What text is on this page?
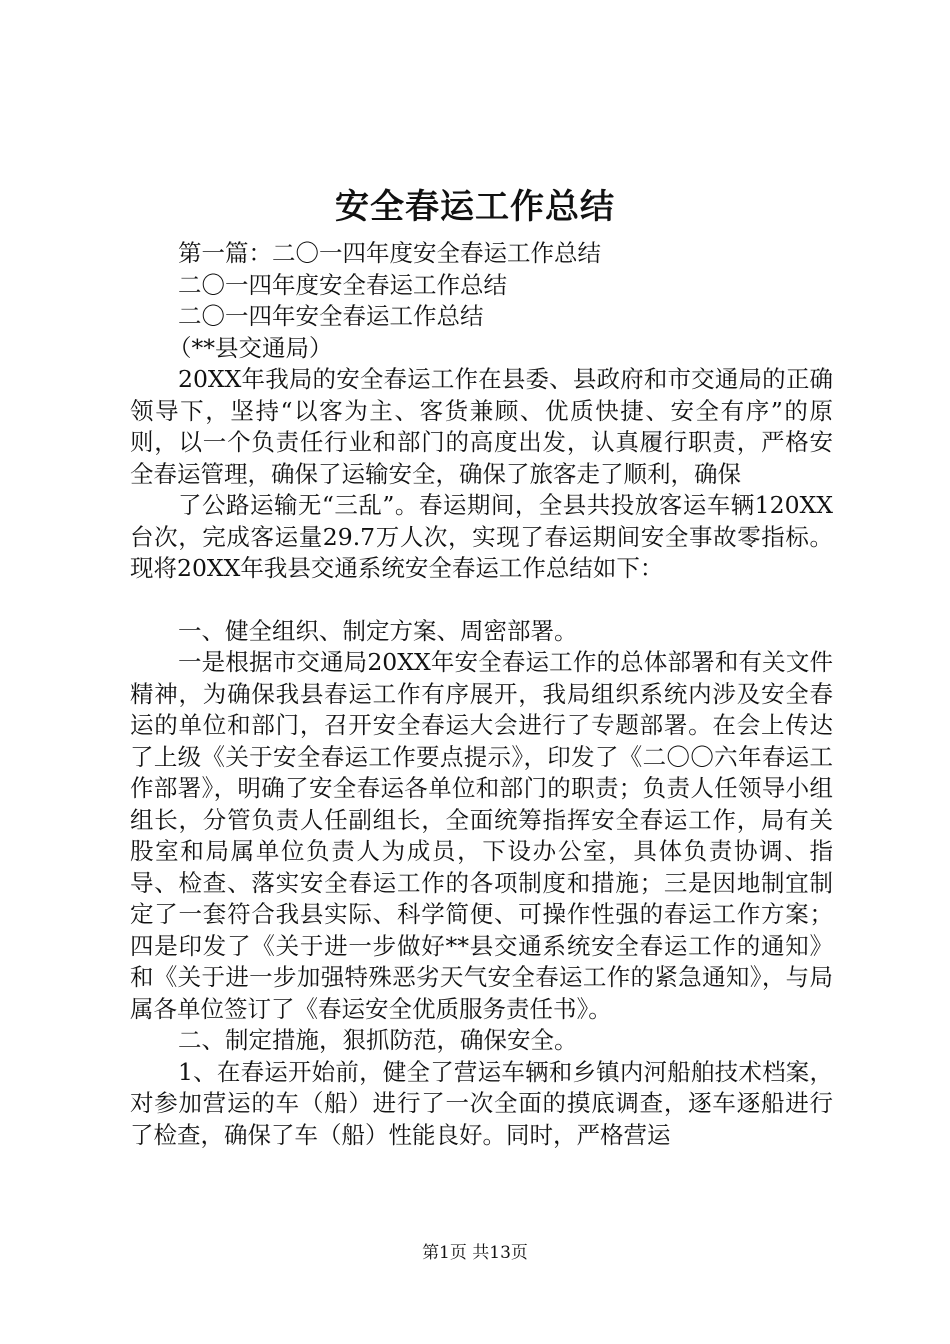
安全春运工作总结

第一篇：二〇一四年度安全春运工作总结

二〇一四年度安全春运工作总结

二〇一四年安全春运工作总结

（**县交通局）

20XX年我局的安全春运工作在县委、县政府和市交通局的正确领导下，坚持“以客为主、客货兼顾、优质快捷、安全有序”的原则，以一个负责任行业和部门的高度出发，认真履行职责，严格安全春运管理，确保了运输安全，确保了旅客走了顺利，确保

了公路运输无“三乱”。春运期间，全县共投放客运车辆120XX台次，完成客运量29.7万人次，实现了春运期间安全事故零指标。现将20XX年我县交通系统安全春运工作总结如下：

一、健全组织、制定方案、周密部署。

一是根据市交通局20XX年安全春运工作的总体部署和有关文件精神，为确保我县春运工作有序展开，我局组织系统内涉及安全春运的单位和部门，召开安全春运大会进行了专题部署。在会上传达了上级《关于安全春运工作要点提示》，印发了《二〇〇六年春运工作部署》，明确了安全春运各单位和部门的职责；负责人任领导小组组长，分管负责人任副组长，全面统筹指挥安全春运工作，局有关股室和局属单位负责人为成员，下设办公室，具体负责协调、指导、检查、落实安全春运工作的各项制度和措施；三是因地制宜制定了一套符合我县实际、科学简便、可操作性强的春运工作方案；四是印发了《关于进一步做好**县交通系统安全春运工作的通知》和《关于进一步加强特殊恶劣天气安全春运工作的紧急通知》，与局属各单位签订了《春运安全优质服务责任书》。

二、制定措施，狠抓防范，确保安全。

1、在春运开始前，健全了营运车辆和乡镇内河船舶技术档案，对参加营运的车（船）进行了一次全面的摸底调查，逐车逐船进行了检查，确保了车（船）性能良好。同时，严格营运

第1页 共13页
